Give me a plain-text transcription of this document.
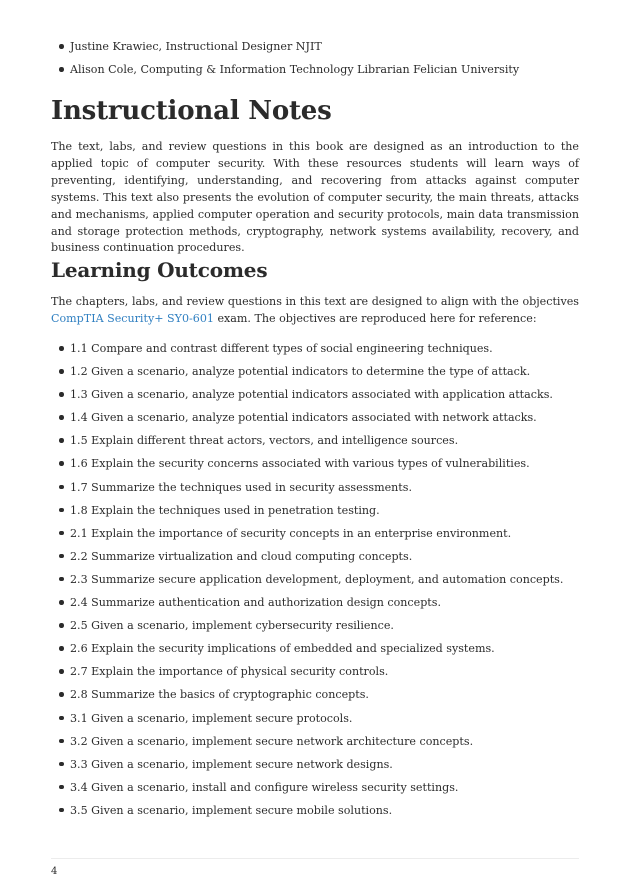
Justine Krawiec, Instructional Designer NJIT
Alison Cole, Computing & Information Technology Librarian Felician University
Instructional Notes

The text, labs, and review questions in this book are designed as an introduction to the applied topic of computer security. With these resources students will learn ways of preventing, identifying, understanding, and recovering from attacks against computer systems. This text also presents the evolution of computer security, the main threats, attacks and mechanisms, applied computer operation and security protocols, main data transmission and storage protection methods, cryptography, network systems availability, recovery, and business continuation procedures.

Learning Outcomes

The chapters, labs, and review questions in this text are designed to align with the objectives CompTIA Security+ SY0-601 exam. The objectives are reproduced here for reference:

1.1 Compare and contrast different types of social engineering techniques.
1.2 Given a scenario, analyze potential indicators to determine the type of attack.
1.3 Given a scenario, analyze potential indicators associated with application attacks.
1.4 Given a scenario, analyze potential indicators associated with network attacks.
1.5 Explain different threat actors, vectors, and intelligence sources.
1.6 Explain the security concerns associated with various types of vulnerabilities.
1.7 Summarize the techniques used in security assessments.
1.8 Explain the techniques used in penetration testing.
2.1 Explain the importance of security concepts in an enterprise environment.
2.2 Summarize virtualization and cloud computing concepts.
2.3 Summarize secure application development, deployment, and automation concepts.
2.4 Summarize authentication and authorization design concepts.
2.5 Given a scenario, implement cybersecurity resilience.
2.6 Explain the security implications of embedded and specialized systems.
2.7 Explain the importance of physical security controls.
2.8 Summarize the basics of cryptographic concepts.
3.1 Given a scenario, implement secure protocols.
3.2 Given a scenario, implement secure network architecture concepts.
3.3 Given a scenario, implement secure network designs.
3.4 Given a scenario, install and configure wireless security settings.
3.5 Given a scenario, implement secure mobile solutions.
4
